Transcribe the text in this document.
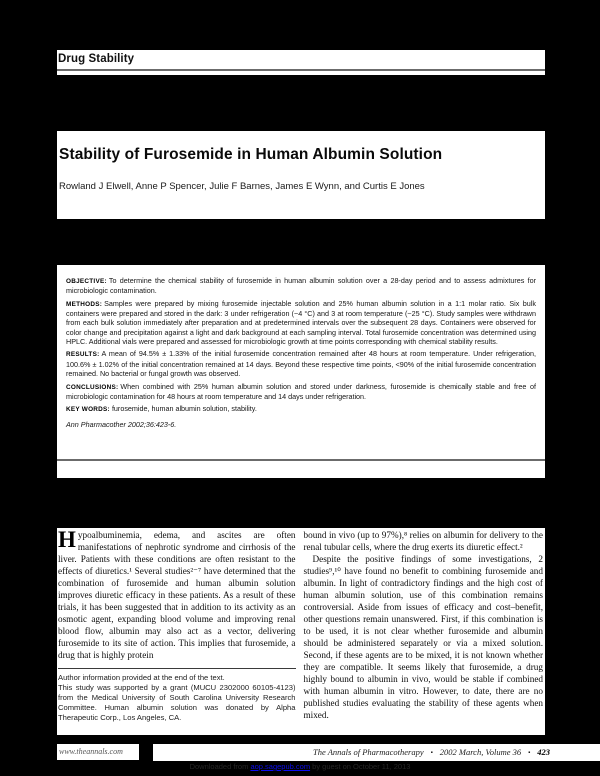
Drug Stability
Stability of Furosemide in Human Albumin Solution
Rowland J Elwell, Anne P Spencer, Julie F Barnes, James E Wynn, and Curtis E Jones

OBJECTIVE: To determine the chemical stability of furosemide in human albumin solution over a 28-day period and to assess admixtures for microbiologic contamination.

METHODS: Samples were prepared by mixing furosemide injectable solution and 25% human albumin solution in a 1:1 molar ratio. Six bulk containers were prepared and stored in the dark: 3 under refrigeration (~4 °C) and 3 at room temperature (~25 °C). Study samples were withdrawn from each bulk solution immediately after preparation and at predetermined intervals over the subsequent 28 days. Containers were observed for color change and precipitation against a light and dark background at each sampling interval. Total furosemide concentration was determined using HPLC. Additional vials were prepared and assessed for microbiologic growth at time points corresponding with chemical stability results.

RESULTS: A mean of 94.5% ± 1.33% of the initial furosemide concentration remained after 48 hours at room temperature. Under refrigeration, 100.6% ± 1.02% of the initial concentration remained at 14 days. Beyond these respective time points, <90% of the initial furosemide concentration remained. No bacterial or fungal growth was observed.

CONCLUSIONS: When combined with 25% human albumin solution and stored under darkness, furosemide is chemically stable and free of microbiologic contamination for 48 hours at room temperature and 14 days under refrigeration.

KEY WORDS: furosemide, human albumin solution, stability.

Ann Pharmacother 2002;36:423-6.

Hypoalbuminemia, edema, and ascites are often manifestations of nephrotic syndrome and cirrhosis of the liver. Patients with these conditions are often resistant to the effects of diuretics.¹ Several studies²⁻⁷ have determined that the combination of furosemide and human albumin solution improves diuretic efficacy in these patients. As a result of these trials, it has been suggested that in addition to its activity as an osmotic agent, expanding blood volume and improving renal blood flow, albumin may also act as a vector, delivering furosemide to its site of action. This implies that furosemide, a drug that is highly protein

Author information provided at the end of the text.

This study was supported by a grant (MUCU 2302000 60105-4123) from the Medical University of South Carolina University Research Committee. Human albumin solution was donated by Alpha Therapeutic Corp., Los Angeles, CA.

bound in vivo (up to 97%),⁸ relies on albumin for delivery to the renal tubular cells, where the drug exerts its diuretic effect.²

Despite the positive findings of some investigations, 2 studies⁹,¹⁰ have found no benefit to combining furosemide and albumin. In light of contradictory findings and the high cost of human albumin solution, use of this combination remains controversial. Aside from issues of efficacy and cost–benefit, other questions remain unanswered. First, if this combination is to be used, it is not clear whether furosemide and albumin should be administered separately or via a mixed solution. Second, if these agents are to be mixed, it is not known whether they are compatible. It seems likely that furosemide, a drug highly bound to albumin in vivo, would be stable if combined with human albumin in vitro. However, to date, there are no published studies evaluating the stability of these agents when mixed.

www.theannals.com	The Annals of Pharmacotherapy ▪ 2002 March, Volume 36 ▪ 423
Downloaded from aop.sagepub.com by guest on October 11, 2013
